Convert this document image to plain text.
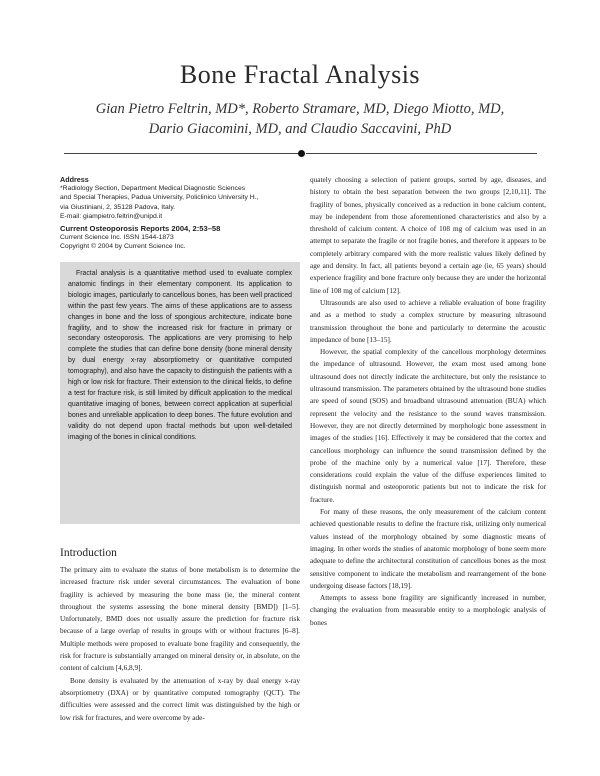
Bone Fractal Analysis
Gian Pietro Feltrin, MD*, Roberto Stramare, MD, Diego Miotto, MD,
Dario Giacomini, MD, and Claudio Saccavini, PhD
Address
*Radiology Section, Department Medical Diagnostic Sciences
and Special Therapies, Padua University, Policlinico University H.,
via Giustiniani, 2, 35128 Padova, Italy.
E-mail: giampietro.feltrin@unipd.it
Current Osteoporosis Reports 2004, 2:53–58
Current Science Inc. ISSN 1544-1873
Copyright © 2004 by Current Science Inc.

Fractal analysis is a quantitative method used to evaluate complex anatomic findings in their elementary component. Its application to biologic images, particularly to cancellous bones, has been well practiced within the past few years. The aims of these applications are to assess changes in bone and the loss of spongious architecture, indicate bone fragility, and to show the increased risk for fracture in primary or secondary osteoporosis. The applications are very promising to help complete the studies that can define bone density (bone mineral density by dual energy x-ray absorptiometry or quantitative computed tomography), and also have the capacity to distinguish the patients with a high or low risk for fracture. Their extension to the clinical fields, to define a test for fracture risk, is still limited by difficult application to the medical quantitative imaging of bones, between correct application at superficial bones and unreliable application to deep bones. The future evolution and validity do not depend upon fractal methods but upon well-detailed imaging of the bones in clinical conditions.

Introduction

The primary aim to evaluate the status of bone metabolism is to determine the increased fracture risk under several circumstances. The evaluation of bone fragility is achieved by measuring the bone mass (ie, the mineral content throughout the systems assessing the bone mineral density [BMD]) [1–5]. Unfortunately, BMD does not usually assure the prediction for fracture risk because of a large overlap of results in groups with or without fractures [6–8]. Multiple methods were proposed to evaluate bone fragility and consequently, the risk for fracture is substantially arranged on mineral density or, in absolute, on the content of calcium [4,6,8,9].

Bone density is evaluated by the attenuation of x-ray by dual energy x-ray absorptiometry (DXA) or by quantitative computed tomography (QCT). The difficulties were assessed and the correct limit was distinguished by the high or low risk for fractures, and were overcome by ade-

quately choosing a selection of patient groups, sorted by age, diseases, and history to obtain the best separation between the two groups [2,10,11]. The fragility of bones, physically conceived as a reduction in bone calcium content, may be independent from those aforementioned characteristics and also by a threshold of calcium content. A choice of 108 mg of calcium was used in an attempt to separate the fragile or not fragile bones, and therefore it appears to be completely arbitrary compared with the more realistic values likely defined by age and density. In fact, all patients beyond a certain age (ie, 65 years) should experience fragility and bone fracture only because they are under the horizontal line of 108 mg of calcium [12].

Ultrasounds are also used to achieve a reliable evaluation of bone fragility and as a method to study a complex structure by measuring ultrasound transmission throughout the bone and particularly to determine the acoustic impedance of bone [13–15].

However, the spatial complexity of the cancellous morphology determines the impedance of ultrasound. However, the exam most used among bone ultrasound does not directly indicate the architecture, but only the resistance to ultrasound transmission. The parameters obtained by the ultrasound bone studies are speed of sound (SOS) and broadband ultrasound attenuation (BUA) which represent the velocity and the resistance to the sound waves transmission. However, they are not directly determined by morphologic bone assessment in images of the studies [16]. Effectively it may be considered that the cortex and cancellous morphology can influence the sound transmission defined by the probe of the machine only by a numerical value [17]. Therefore, these considerations could explain the value of the diffuse experiences limited to distinguish normal and osteoporotic patients but not to indicate the risk for fracture.

For many of these reasons, the only measurement of the calcium content achieved questionable results to define the fracture risk, utilizing only numerical values instead of the morphology obtained by some diagnostic means of imaging. In other words the studies of anatomic morphology of bone seem more adequate to define the architectural constitution of cancellous bones as the most sensitive component to indicate the metabolism and rearrangement of the bone undergoing disease factors [18,19].

Attempts to assess bone fragility are significantly increased in number, changing the evaluation from measurable entity to a morphologic analysis of bones
